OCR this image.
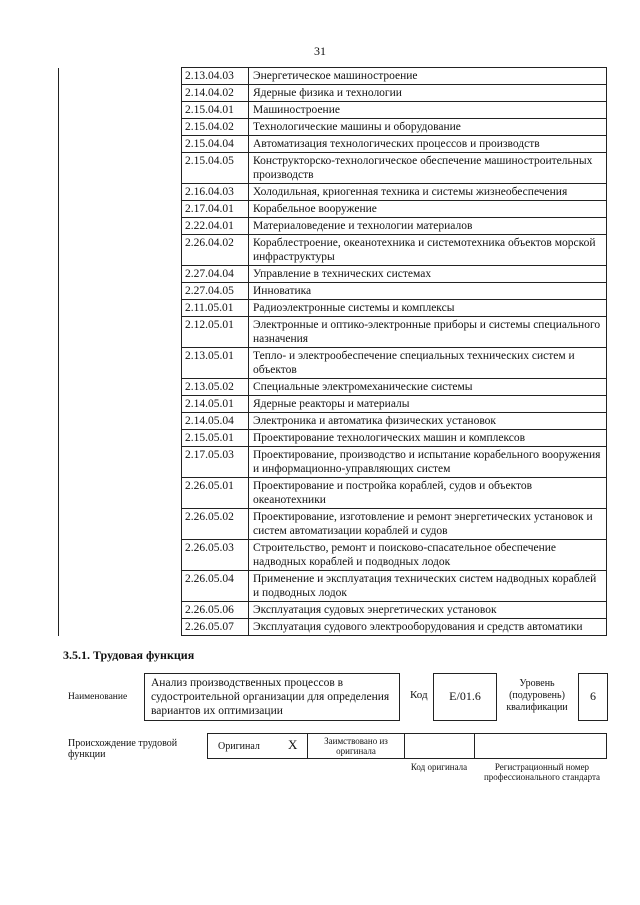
31
	2.13.04.03	Энергетическое машиностроение
	2.14.04.02	Ядерные физика и технологии
	2.15.04.01	Машиностроение
	2.15.04.02	Технологические машины и оборудование
	2.15.04.04	Автоматизация технологических процессов и производств
	2.15.04.05	Конструкторско-технологическое обеспечение машиностроительных производств
	2.16.04.03	Холодильная, криогенная техника и системы жизнеобеспечения
	2.17.04.01	Корабельное вооружение
	2.22.04.01	Материаловедение и технологии материалов
	2.26.04.02	Кораблестроение, океанотехника и системотехника объектов морской инфраструктуры
	2.27.04.04	Управление в технических системах
	2.27.04.05	Инноватика
	2.11.05.01	Радиоэлектронные системы и комплексы
	2.12.05.01	Электронные и оптико-электронные приборы и системы специального назначения
	2.13.05.01	Тепло- и электрообеспечение специальных технических систем и объектов
	2.13.05.02	Специальные электромеханические системы
	2.14.05.01	Ядерные реакторы и материалы
	2.14.05.04	Электроника и автоматика физических установок
	2.15.05.01	Проектирование технологических машин и комплексов
	2.17.05.03	Проектирование, производство и испытание корабельного вооружения и информационно-управляющих систем
	2.26.05.01	Проектирование и постройка кораблей, судов и объектов океанотехники
	2.26.05.02	Проектирование, изготовление и ремонт энергетических установок и систем автоматизации кораблей и судов
	2.26.05.03	Строительство, ремонт и поисково-спасательное обеспечение надводных кораблей и подводных лодок
	2.26.05.04	Применение и эксплуатация технических систем надводных кораблей и подводных лодок
	2.26.05.06	Эксплуатация судовых энергетических установок
	2.26.05.07	Эксплуатация судового электрооборудования и средств автоматики
3.5.1. Трудовая функция
Наименование
Анализ производственных процессов в судостроительной организации для определения вариантов их оптимизации
Код	E/01.6
Уровень (подуровень) квалификации
6
Происхождение трудовой функции
Оригинал X	Заимствовано из оригинала
Код оригинала	Регистрационный номер профессионального стандарта
